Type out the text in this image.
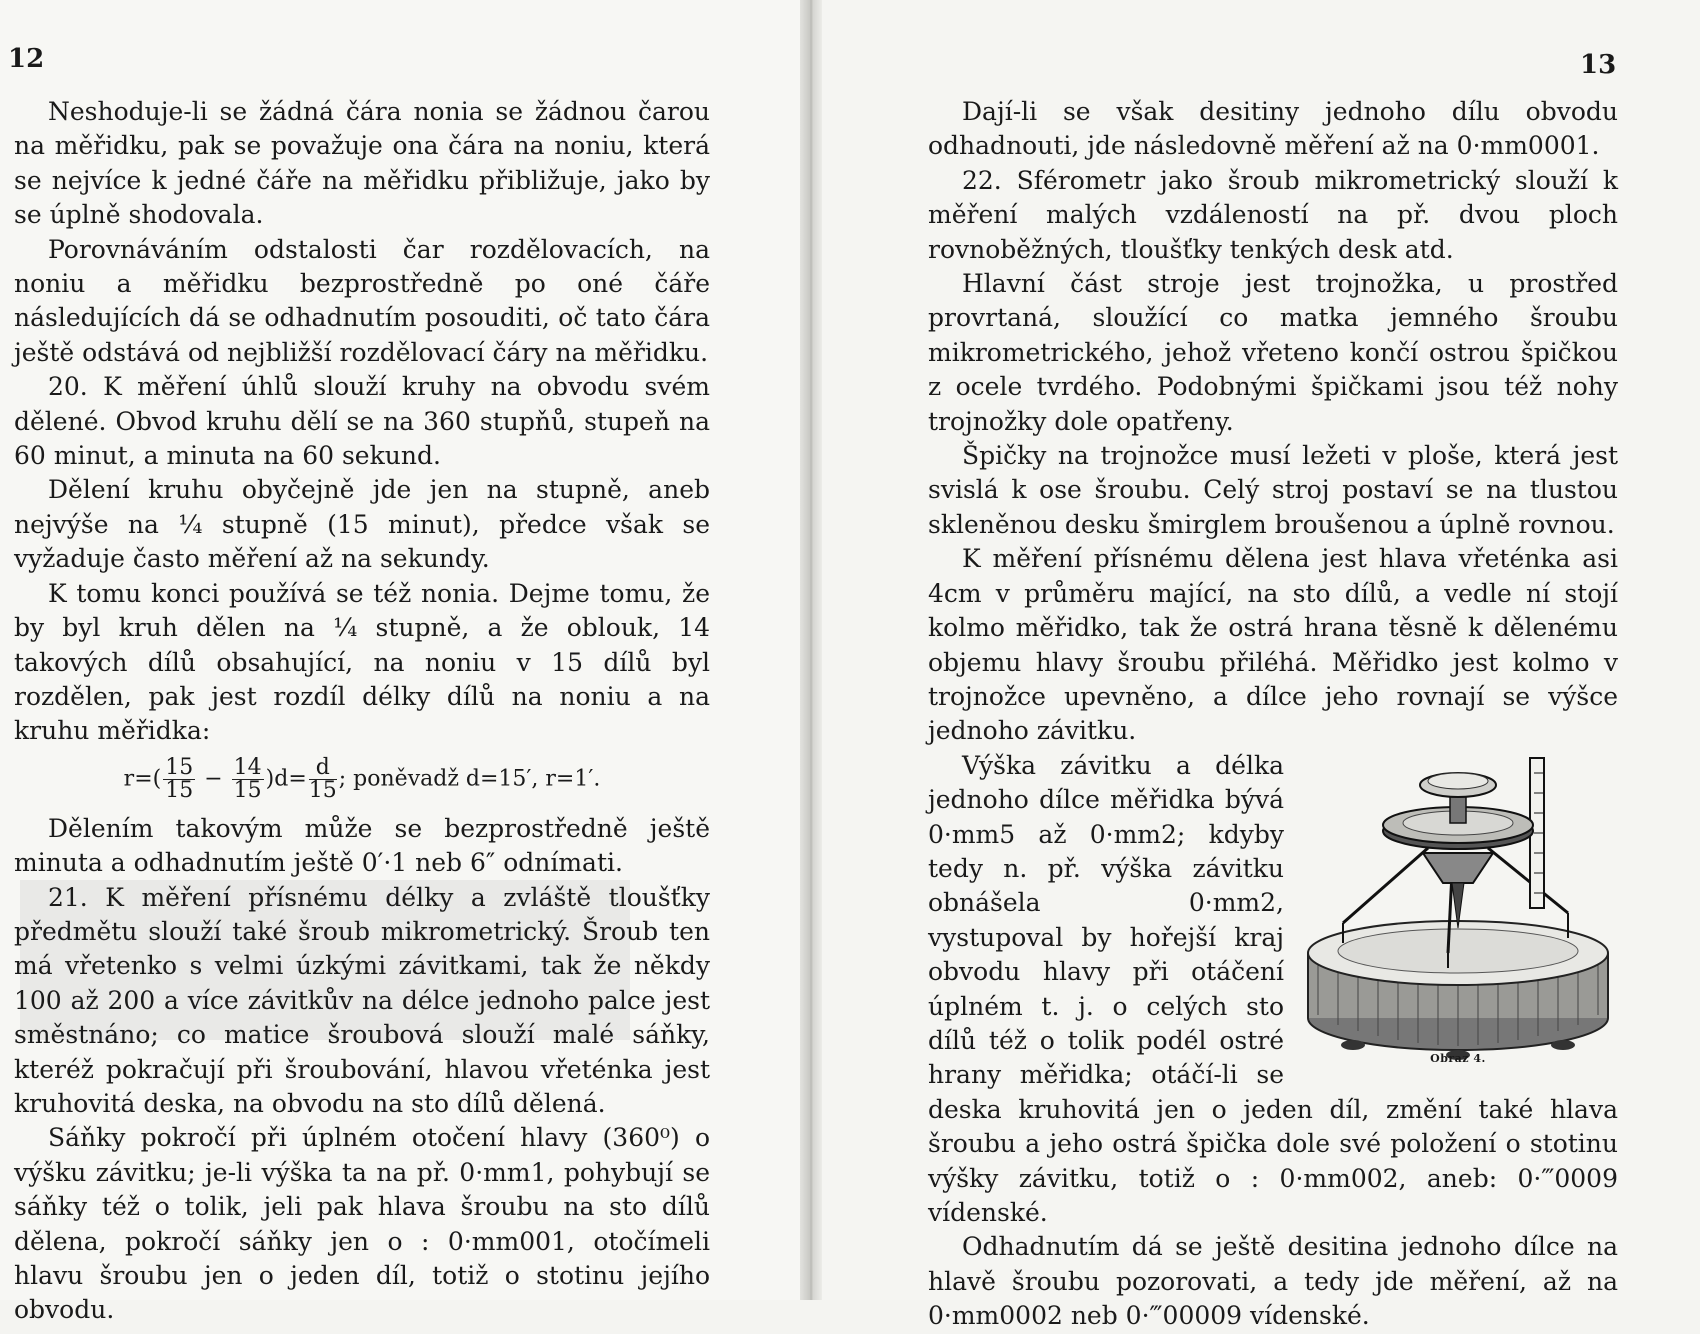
12	13

Neshoduje-li se žádná čára nonia se žádnou čarou na měřidku, pak se považuje ona čára na noniu, která se nejvíce k jedné čáře na měřidku přibližuje, jako by se úplně shodovala.

Porovnáváním odstalosti čar rozdělovacích, na noniu a měřidku bezprostředně po oné čáře následujících dá se odhadnutím posouditi, oč tato čára ještě odstává od nejbližší rozdělovací čáry na měřidku.

20. K měření úhlů slouží kruhy na obvodu svém dělené. Obvod kruhu dělí se na 360 stupňů, stupeň na 60 minut, a minuta na 60 sekund.

Dělení kruhu obyčejně jde jen na stupně, aneb nejvýše na ¼ stupně (15 minut), předce však se vyžaduje často měření až na sekundy.

K tomu konci používá se též nonia. Dejme tomu, že by byl kruh dělen na ¼ stupně, a že oblouk, 14 takových dílů obsahující, na noniu v 15 dílů byl rozdělen, pak jest rozdíl délky dílů na noniu a na kruhu měřidka:

$r=( \frac{15}{15} - \frac{14}{15} )d= \frac{d}{15}$ ; poněvadž d=15′, r=1′.

Dělením takovým může se bezprostředně ještě minuta a odhadnutím ještě 0′·1 neb 6″ odnímati.

21. K měření přísnému délky a zvláště tloušťky předmětu slouží také šroub mikrometrický. Šroub ten má vřetenko s velmi úzkými závitkami, tak že někdy 100 až 200 a více závitkův na délce jednoho palce jest směstnáno; co matice šroubová slouží malé sáňky, kteréž pokračují při šroubování, hlavou vřeténka jest kruhovitá deska, na obvodu na sto dílů dělená.

Sáňky pokročí při úplném otočení hlavy (360⁰) o výšku závitku; je-li výška ta na př. 0·mm1, pohybují se sáňky též o tolik, jeli pak hlava šroubu na sto dílů dělena, pokročí sáňky jen o : 0·mm001, otočímeli hlavu šroubu jen o jeden díl, totiž o stotinu jejího obvodu.

Dají-li se však desitiny jednoho dílu obvodu odhadnouti, jde následovně měření až na 0·mm0001.

22. Sférometr jako šroub mikrometrický slouží k měření malých vzdáleností na př. dvou ploch rovnoběžných, tloušťky tenkých desk atd.

Hlavní část stroje jest trojnožka, u prostřed provrtaná, sloužící co matka jemného šroubu mikrometrického, jehož vřeteno končí ostrou špičkou z ocele tvrdého. Podobnými špičkami jsou též nohy trojnožky dole opatřeny.

Špičky na trojnožce musí ležeti v ploše, která jest svislá k ose šroubu. Celý stroj postaví se na tlustou skleněnou desku šmirglem broušenou a úplně rovnou.

K měření přísnému dělena jest hlava vřeténka asi 4cm v průměru mající, na sto dílů, a vedle ní stojí kolmo měřidko, tak že ostrá hrana těsně k dělenému objemu hlavy šroubu přiléhá. Měřidko jest kolmo v trojnožce upevněno, a dílce jeho rovnají se výšce jednoho závitku.

Obraz 4.

Výška závitku a délka jednoho dílce měřidka bývá 0·mm5 až 0·mm2; kdyby tedy n. př. výška závitku obnášela 0·mm2, vystupoval by hořejší kraj obvodu hlavy při otáčení úplném t. j. o celých sto dílů též o tolik podél ostré hrany měřidka; otáčí-li se deska kruhovitá jen o jeden díl, změní také hlava šroubu a jeho ostrá špička dole své položení o stotinu výšky závitku, totiž o : 0·mm002, aneb: 0·‴0009 vídenské.

Odhadnutím dá se ještě desitina jednoho dílce na hlavě šroubu pozorovati, a tedy jde měření, až na 0·mm0002 neb 0·‴00009 vídenské.
